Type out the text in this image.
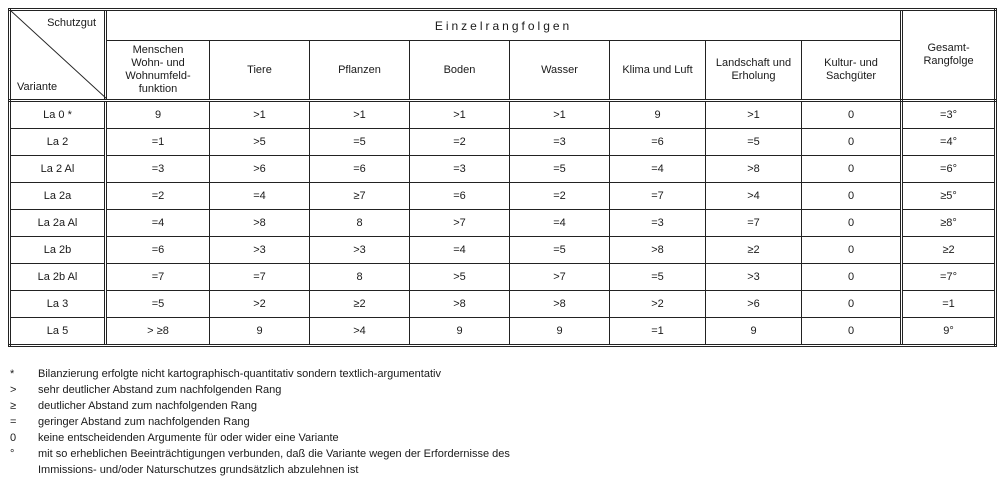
Schutzgut
Variante	Einzelrangfolgen								Gesamt-
Rangfolge
	Menschen
Wohn- und
Wohnumfeld-
funktion	Tiere	Pflanzen	Boden	Wasser	Klima und Luft	Landschaft und
Erholung	Kultur- und
Sachgüter	
La 0 *	9	>1	>1	>1	>1	9	>1	0	=3°
La 2	=1	>5	=5	=2	=3	=6	=5	0	=4°
La 2 Al	=3	>6	=6	=3	=5	=4	>8	0	=6°
La 2a	=2	=4	≥7	=6	=2	=7	>4	0	≥5°
La 2a Al	=4	>8	8	>7	=4	=3	=7	0	≥8°
La 2b	=6	>3	>3	=4	=5	>8	≥2	0	≥2
La 2b Al	=7	=7	8	>5	>7	=5	>3	0	=7°
La 3	=5	>2	≥2	>8	>8	>2	>6	0	=1
La 5	> ≥8	9	>4	9	9	=1	9	0	9°
*	Bilanzierung erfolgte nicht kartographisch-quantitativ sondern textlich-argumentativ
>	sehr deutlicher Abstand zum nachfolgenden Rang
≥	deutlicher Abstand zum nachfolgenden Rang
=	geringer Abstand zum nachfolgenden Rang
0	keine entscheidenden Argumente für oder wider eine Variante
°	mit so erheblichen Beeinträchtigungen verbunden, daß die Variante wegen der Erfordernisse des
Immissions- und/oder Naturschutzes grundsätzlich abzulehnen ist
